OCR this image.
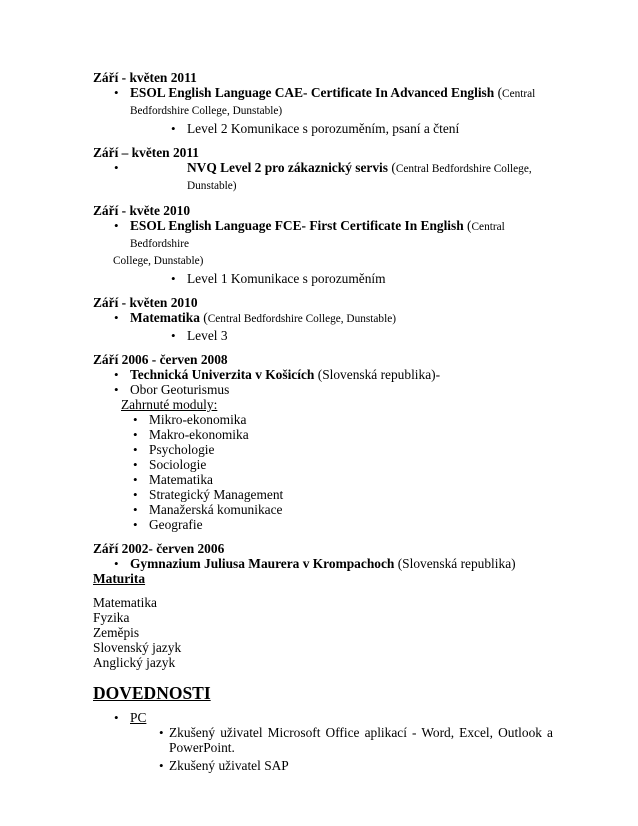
Září - květen 2011

• ESOL English Language CAE- Certificate In Advanced English (Central
Bedfordshire College, Dunstable)
• Level 2 Komunikace s porozuměním, psaní a čtení

Září – květen 2011

• NVQ Level 2 pro zákaznický servis (Central Bedfordshire College,
Dunstable)

Září - květe 2010

• ESOL English Language FCE- First Certificate In English (Central Bedfordshire
College, Dunstable)
• Level 1 Komunikace s porozuměním

Září - květen 2010

• Matematika (Central Bedfordshire College, Dunstable)
• Level 3

Září 2006 - červen 2008

• Technická Univerzita v Košicích (Slovenská republika)-
• Obor Geoturismus
Zahrnuté moduly:
• Mikro-ekonomika
• Makro-ekonomika
• Psychologie
• Sociologie
• Matematika
• Strategický Management
• Manažerská komunikace
• Geografie

Září 2002- červen 2006

• Gymnazium Juliusa Maurera v Krompachoch (Slovenská republika)
Maturita
Matematika
Fyzika
Zeměpis
Slovenský jazyk
Anglický jazyk
DOVEDNOSTI
• PC
• Zkušený uživatel Microsoft Office aplikací - Word, Excel, Outlook a PowerPoint.
• Zkušený uživatel SAP
